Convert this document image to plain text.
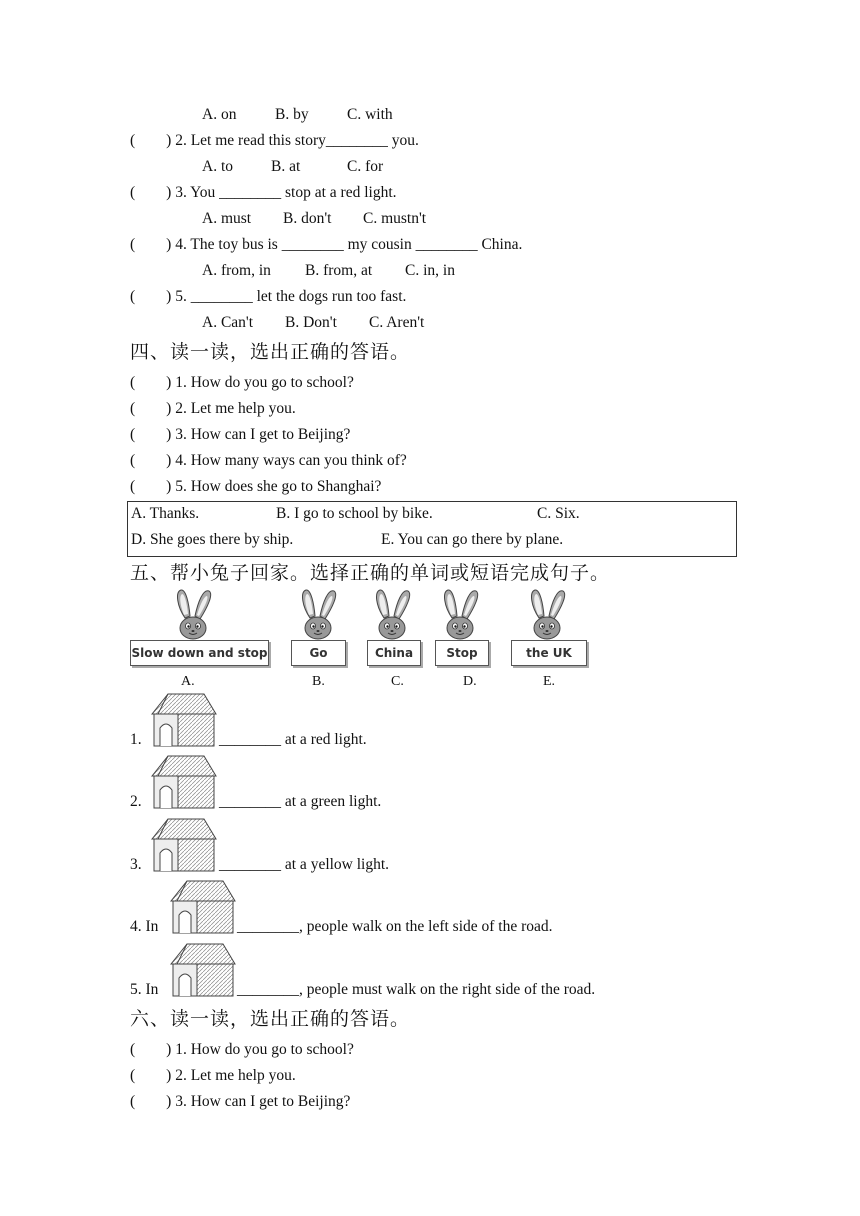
A. on B. by C. with
(        ) 2. Let me read this story________ you.
A. to B. at	C. for
(        ) 3. You ________ stop at a red light.
A. must B. don't C. mustn't
(        ) 4. The toy bus is ________ my cousin ________ China.
A. from, in B. from, at C. in, in
(        ) 5. ________ let the dogs run too fast.
A. Can't B. Don't C. Aren't
四、读一读，选出正确的答语。
(        ) 1. How do you go to school?
(        ) 2. Let me help you.
(        ) 3. How can I get to Beijing?
(        ) 4. How many ways can you think of?
(        ) 5. How does she go to Shanghai?
A. Thanks.	B. I go to school by bike.	C. Six.
D. She goes there by ship.	E. You can go there by plane.
五、帮小兔子回家。选择正确的单词或短语完成句子。
Slow down and stop	Go	China	Stop	the UK
A.	B.	C.	D.	E.
1.	________ at a red light.
2.	________ at a green light.
3.	________ at a yellow light.
4. In	________, people walk on the left side of the road.
5. In	________, people must walk on the right side of the road.
六、读一读，选出正确的答语。
(        ) 1. How do you go to school?
(        ) 2. Let me help you.
(        ) 3. How can I get to Beijing?
